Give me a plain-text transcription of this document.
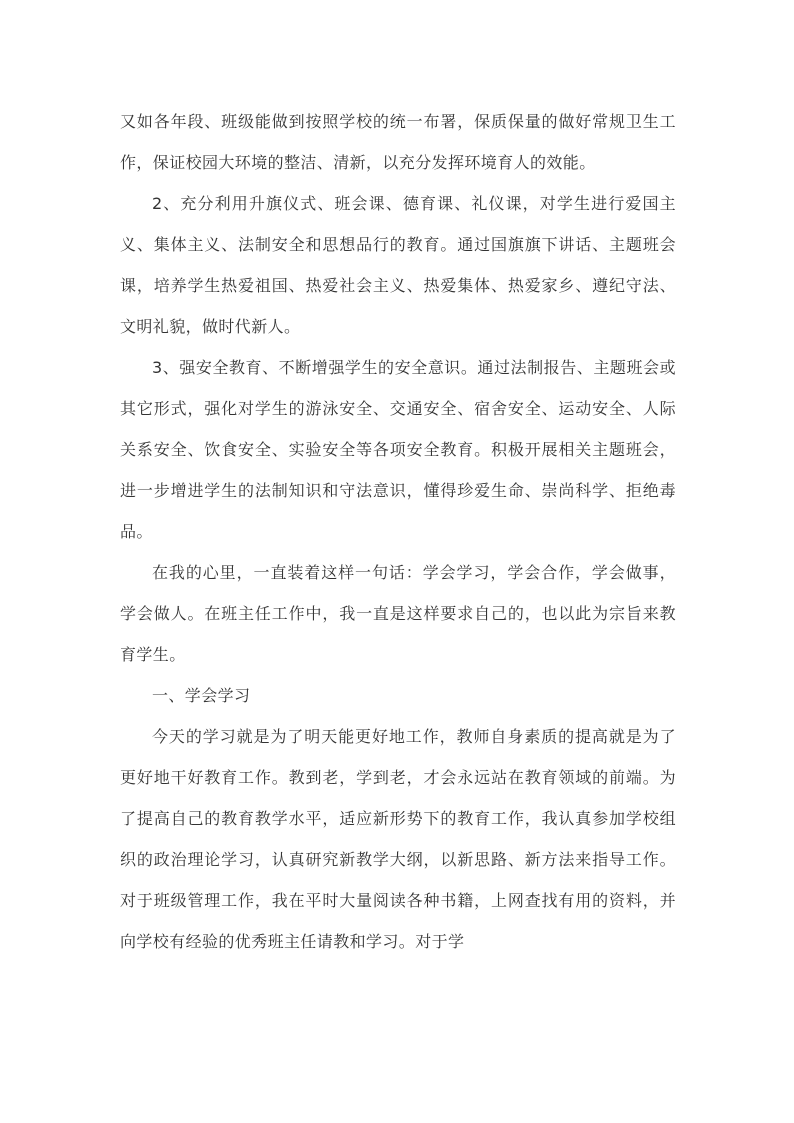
又如各年段、班级能做到按照学校的统一布署，保质保量的做好常规卫生工作，保证校园大环境的整洁、清新，以充分发挥环境育人的效能。

2、充分利用升旗仪式、班会课、德育课、礼仪课，对学生进行爱国主义、集体主义、法制安全和思想品行的教育。通过国旗旗下讲话、主题班会课，培养学生热爱祖国、热爱社会主义、热爱集体、热爱家乡、遵纪守法、文明礼貌，做时代新人。

3、强安全教育、不断增强学生的安全意识。通过法制报告、主题班会或其它形式，强化对学生的游泳安全、交通安全、宿舍安全、运动安全、人际关系安全、饮食安全、实验安全等各项安全教育。积极开展相关主题班会，进一步增进学生的法制知识和守法意识，懂得珍爱生命、崇尚科学、拒绝毒品。

在我的心里，一直装着这样一句话：学会学习，学会合作，学会做事，学会做人。在班主任工作中，我一直是这样要求自己的，也以此为宗旨来教育学生。

一、学会学习

今天的学习就是为了明天能更好地工作，教师自身素质的提高就是为了更好地干好教育工作。教到老，学到老，才会永远站在教育领域的前端。为了提高自己的教育教学水平，适应新形势下的教育工作，我认真参加学校组织的政治理论学习，认真研究新教学大纲，以新思路、新方法来指导工作。对于班级管理工作，我在平时大量阅读各种书籍，上网查找有用的资料，并向学校有经验的优秀班主任请教和学习。对于学
